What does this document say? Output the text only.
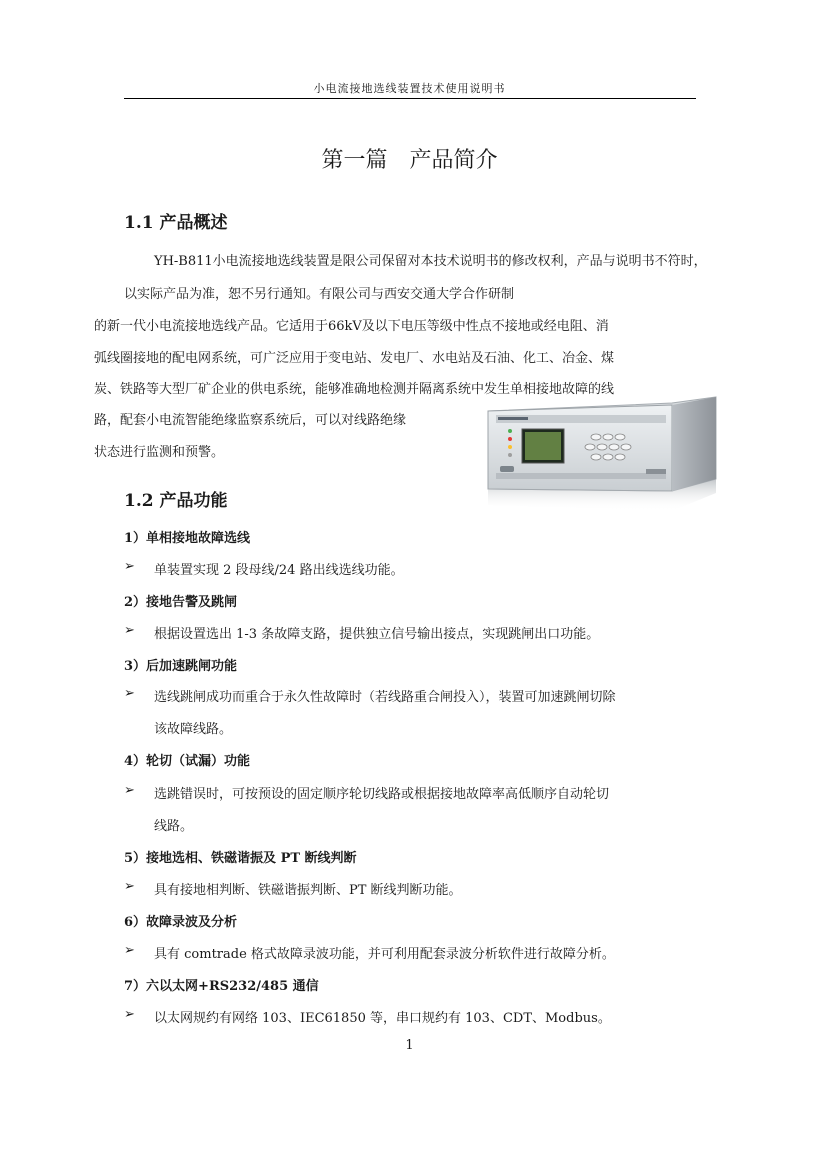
小电流接地选线装置技术使用说明书
第一篇　产品简介
1.1 产品概述
YH-B811小电流接地选线装置是限公司保留对本技术说明书的修改权利，产品与说明书不符时，
以实际产品为准，恕不另行通知。有限公司与西安交通大学合作研制
的新一代小电流接地选线产品。它适用于66kV及以下电压等级中性点不接地或经电阻、消
弧线圈接地的配电网系统，可广泛应用于变电站、发电厂、水电站及石油、化工、冶金、煤
炭、铁路等大型厂矿企业的供电系统，能够准确地检测并隔离系统中发生单相接地故障的线
路，配套小电流智能绝缘监察系统后，可以对线路绝缘
状态进行监测和预警。
1.2 产品功能
1）单相接地故障选线
➢ 单装置实现 2 段母线/24 路出线选线功能。
2）接地告警及跳闸
➢ 根据设置选出 1-3 条故障支路，提供独立信号输出接点，实现跳闸出口功能。
3）后加速跳闸功能
➢ 选线跳闸成功而重合于永久性故障时（若线路重合闸投入），装置可加速跳闸切除
该故障线路。
4）轮切（试漏）功能
➢ 选跳错误时，可按预设的固定顺序轮切线路或根据接地故障率高低顺序自动轮切
线路。
5）接地选相、铁磁谐振及 PT 断线判断
➢ 具有接地相判断、铁磁谐振判断、PT 断线判断功能。
6）故障录波及分析
➢ 具有 comtrade 格式故障录波功能，并可利用配套录波分析软件进行故障分析。
7）六以太网+RS232/485 通信
➢ 以太网规约有网络 103、IEC61850 等，串口规约有 103、CDT、Modbus。
1
